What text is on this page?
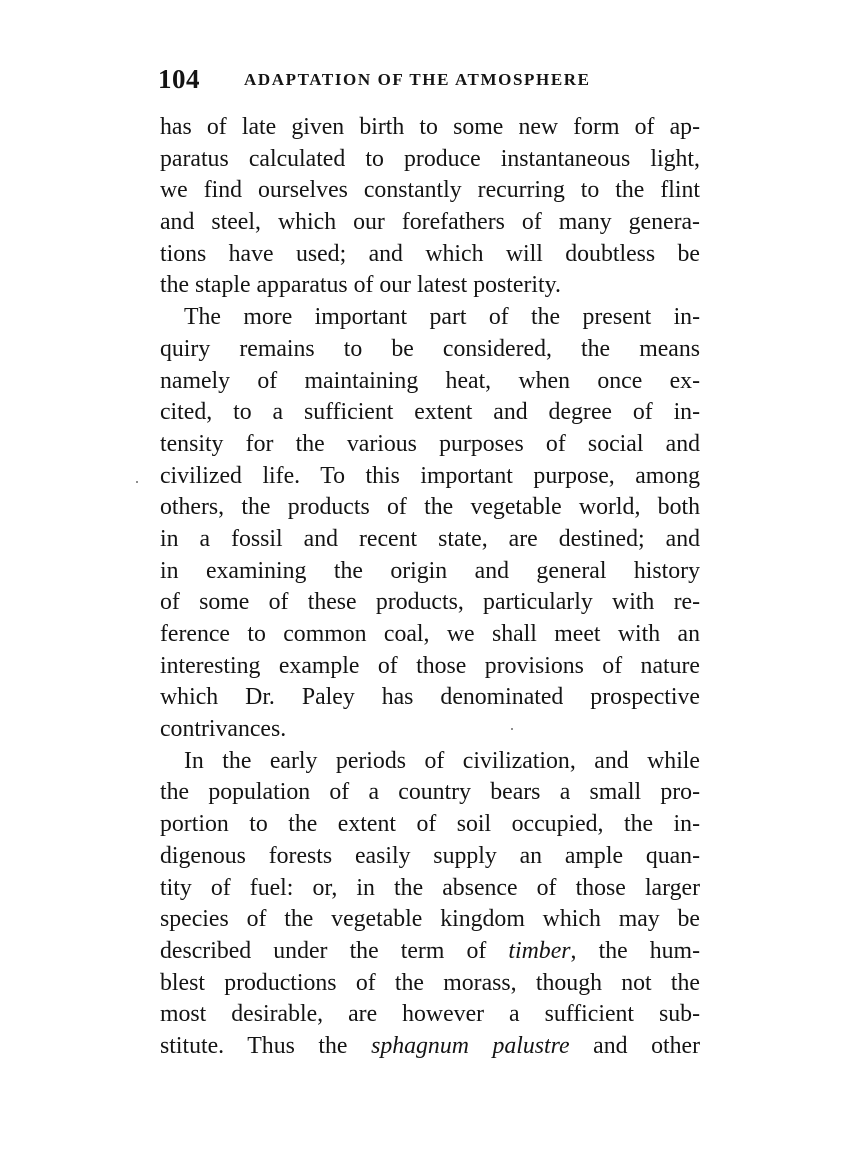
104	ADAPTATION OF THE ATMOSPHERE
has of late given birth to some new form of ap-
paratus calculated to produce instantaneous light,
we find ourselves constantly recurring to the flint
and steel, which our forefathers of many genera-
tions have used; and which will doubtless be
the staple apparatus of our latest posterity.
The more important part of the present in-
quiry remains to be considered, the means
namely of maintaining heat, when once ex-
cited, to a sufficient extent and degree of in-
tensity for the various purposes of social and
civilized life. To this important purpose, among
others, the products of the vegetable world, both
in a fossil and recent state, are destined; and
in examining the origin and general history
of some of these products, particularly with re-
ference to common coal, we shall meet with an
interesting example of those provisions of nature
which Dr. Paley has denominated prospective
contrivances.
In the early periods of civilization, and while
the population of a country bears a small pro-
portion to the extent of soil occupied, the in-
digenous forests easily supply an ample quan-
tity of fuel: or, in the absence of those larger
species of the vegetable kingdom which may be
described under the term of timber, the hum-
blest productions of the morass, though not the
most desirable, are however a sufficient sub-
stitute. Thus the sphagnum palustre and other
